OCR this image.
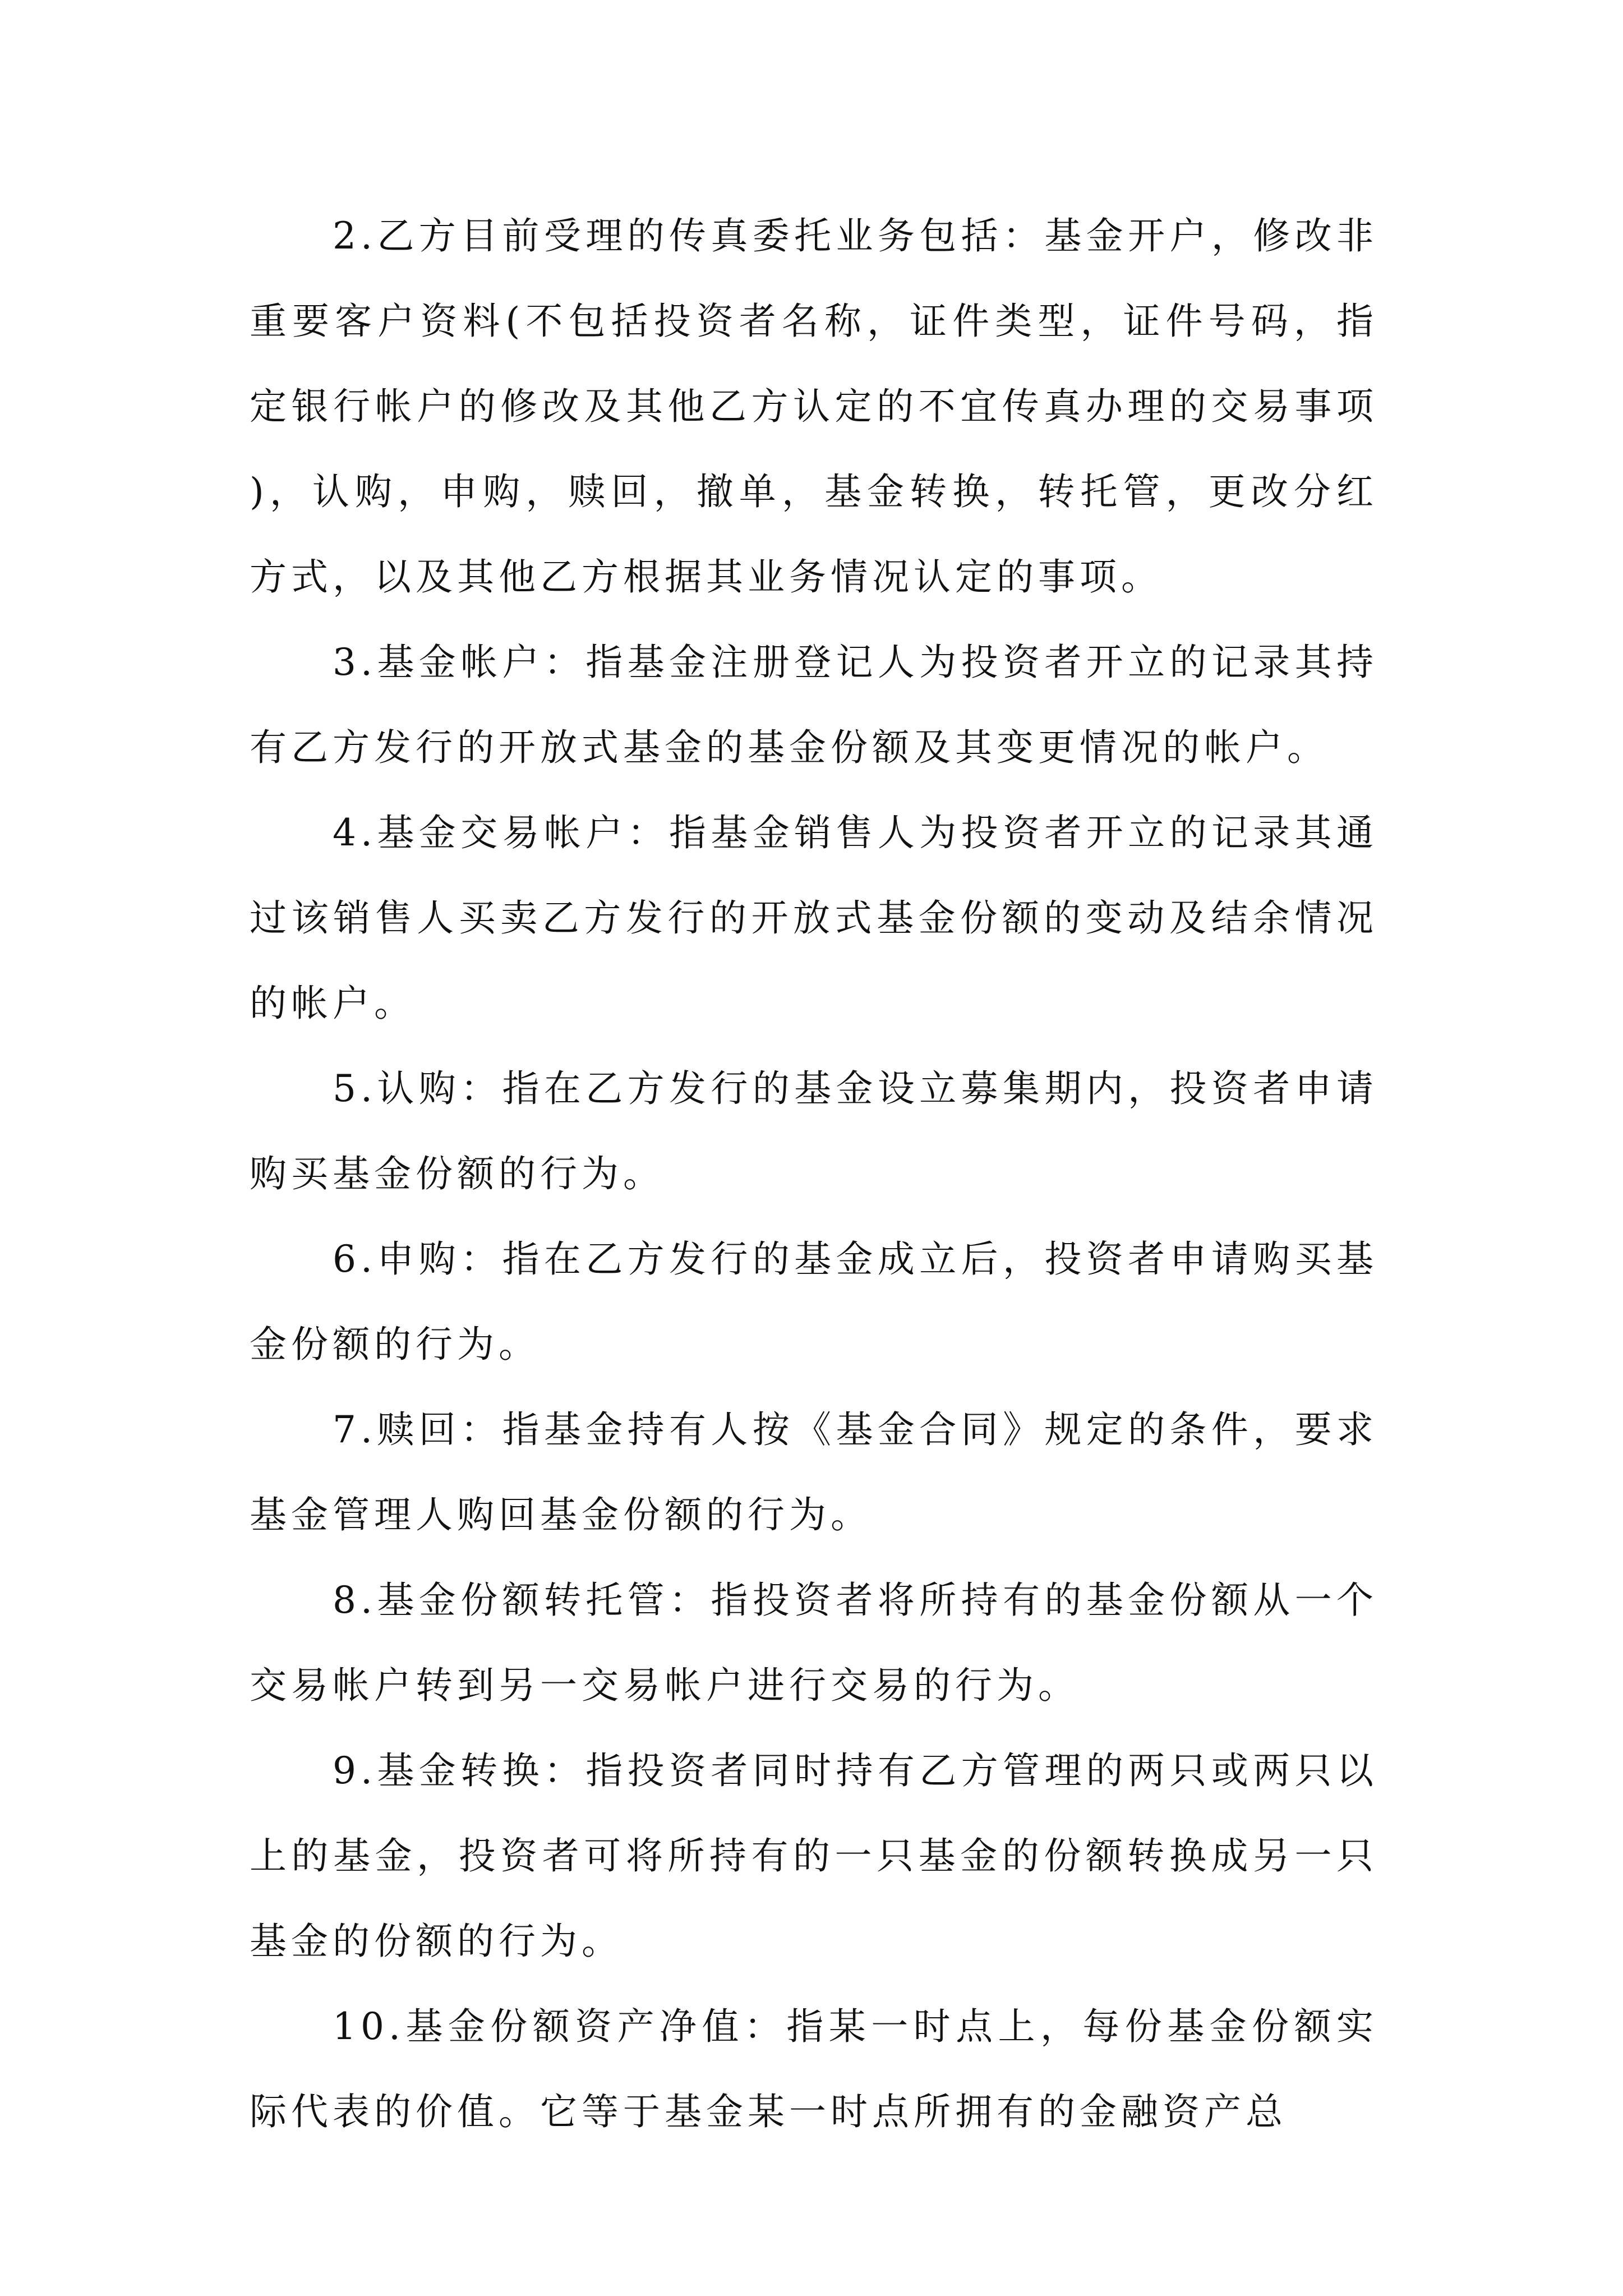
2.乙方目前受理的传真委托业务包括：基金开户，修改非重要客户资料(不包括投资者名称，证件类型，证件号码，指定银行帐户的修改及其他乙方认定的不宜传真办理的交易事项)，认购，申购，赎回，撤单，基金转换，转托管，更改分红方式，以及其他乙方根据其业务情况认定的事项。

3.基金帐户：指基金注册登记人为投资者开立的记录其持有乙方发行的开放式基金的基金份额及其变更情况的帐户。

4.基金交易帐户：指基金销售人为投资者开立的记录其通过该销售人买卖乙方发行的开放式基金份额的变动及结余情况的帐户。

5.认购：指在乙方发行的基金设立募集期内，投资者申请购买基金份额的行为。

6.申购：指在乙方发行的基金成立后，投资者申请购买基金份额的行为。

7.赎回：指基金持有人按《基金合同》规定的条件，要求基金管理人购回基金份额的行为。

8.基金份额转托管：指投资者将所持有的基金份额从一个交易帐户转到另一交易帐户进行交易的行为。

9.基金转换：指投资者同时持有乙方管理的两只或两只以上的基金，投资者可将所持有的一只基金的份额转换成另一只基金的份额的行为。

10.基金份额资产净值：指某一时点上，每份基金份额实际代表的价值。它等于基金某一时点所拥有的金融资产总
